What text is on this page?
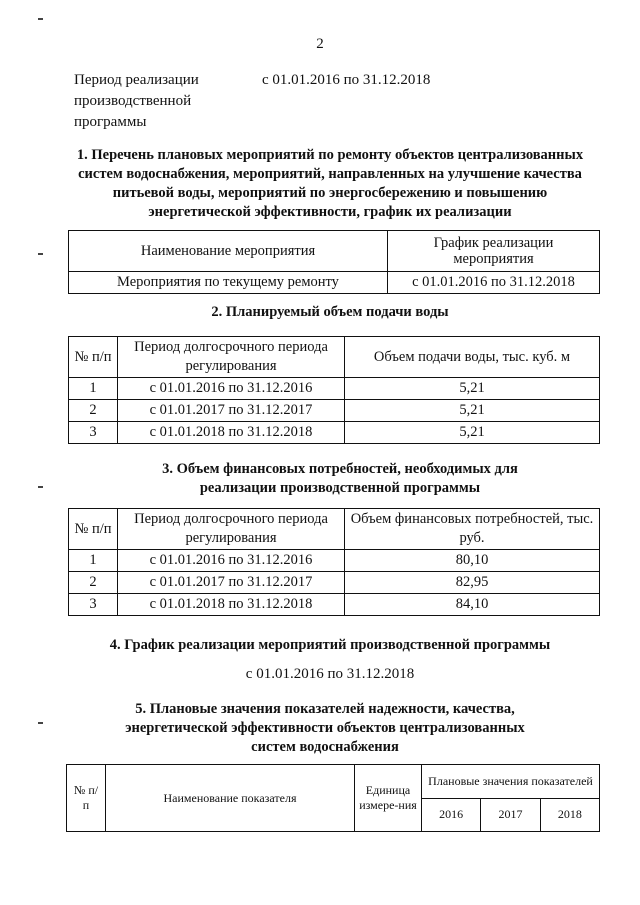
2
Период реализации производственной программы
с 01.01.2016 по 31.12.2018
1. Перечень плановых мероприятий по ремонту объектов централизованных систем водоснабжения, мероприятий, направленных на улучшение качества питьевой воды, мероприятий по энергосбережению и повышению энергетической эффективности, график их реализации
Наименование мероприятия	График реализации мероприятия
Мероприятия по текущему ремонту	с 01.01.2016 по 31.12.2018
2. Планируемый объем подачи воды
№ п/п	Период долгосрочного периода регулирования	Объем подачи воды, тыс. куб. м
1	с 01.01.2016 по 31.12.2016	5,21
2	с 01.01.2017 по 31.12.2017	5,21
3	с 01.01.2018 по 31.12.2018	5,21
3. Объем финансовых потребностей, необходимых для реализации производственной программы
№ п/п	Период долгосрочного периода регулирования	Объем финансовых потребностей, тыс. руб.
1	с 01.01.2016 по 31.12.2016	80,10
2	с 01.01.2017 по 31.12.2017	82,95
3	с 01.01.2018 по 31.12.2018	84,10
4. График реализации мероприятий производственной программы
с 01.01.2016 по 31.12.2018
5. Плановые значения показателей надежности, качества, энергетической эффективности объектов централизованных систем водоснабжения
№ п/п	Наименование показателя	Единица измере-ния	Плановые значения показателей		
			2016	2017	2018
